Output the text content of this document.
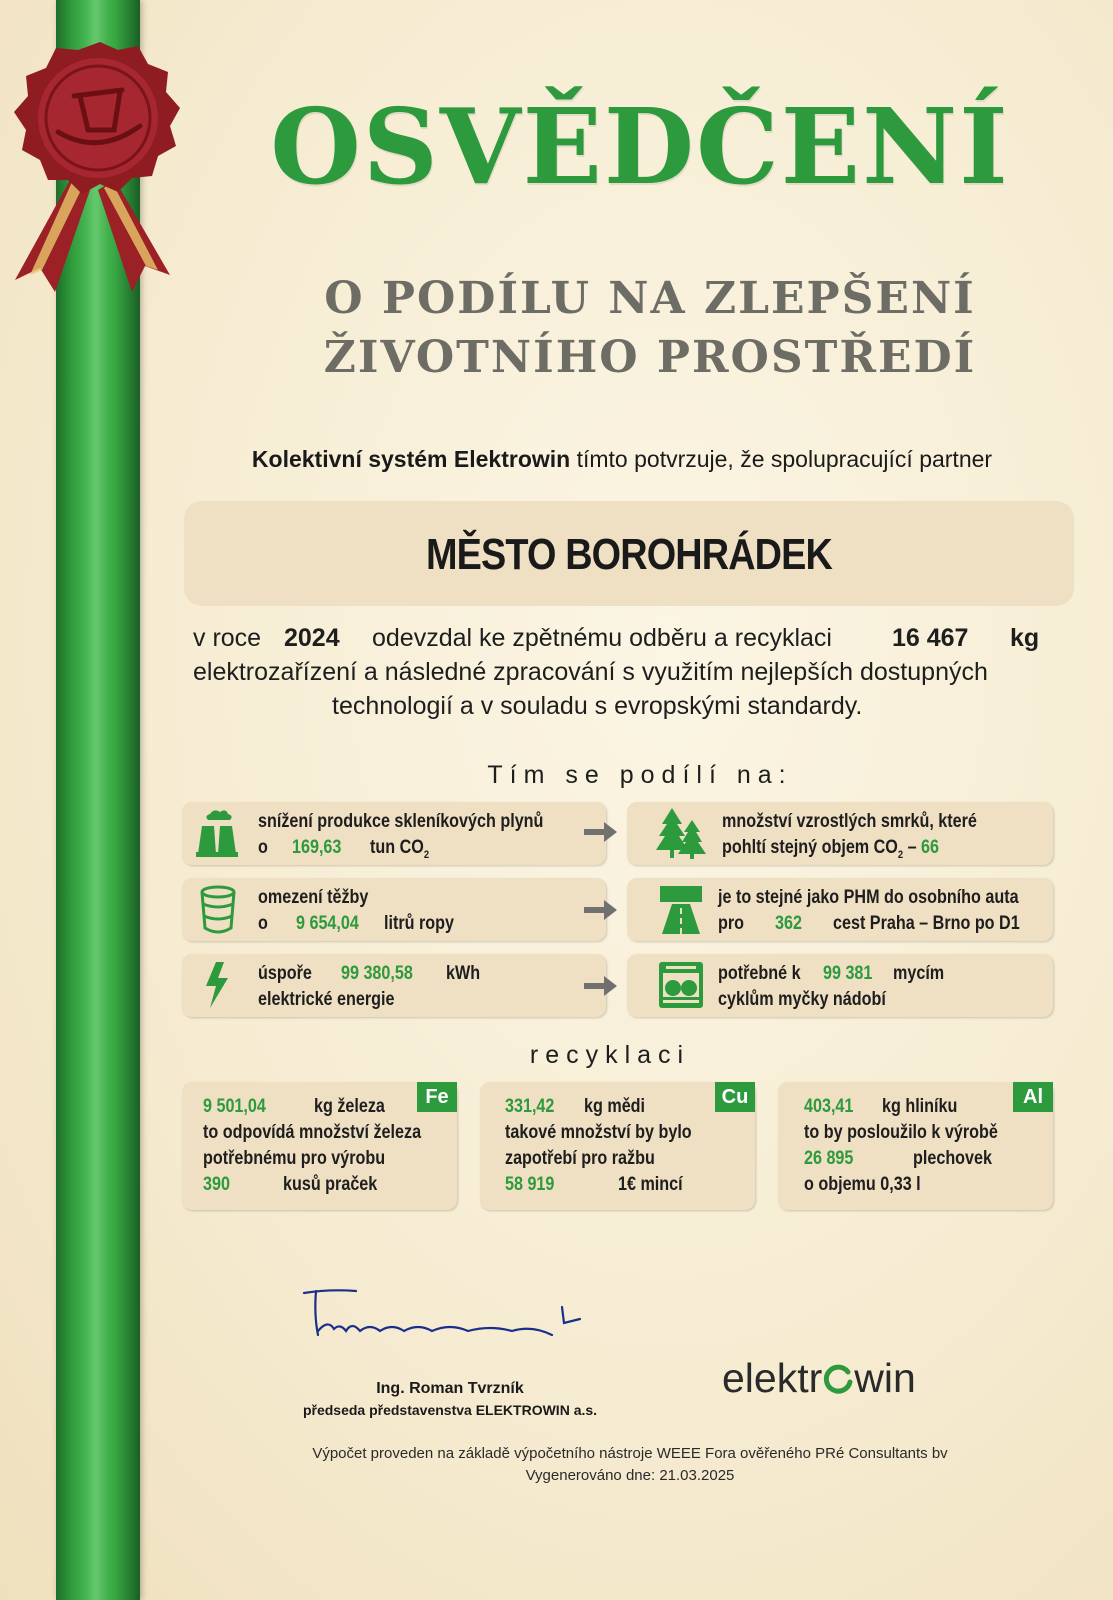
OSVĚDČENÍ
O PODÍLU NA ZLEPŠENÍ
ŽIVOTNÍHO PROSTŘEDÍ
Kolektivní systém Elektrowin tímto potvrzuje, že spolupracující partner
MĚSTO BOROHRÁDEK
v roce 2024 odevzdal ke zpětnému odběru a recyklaci 16 467 kg
elektrozařízení a následné zpracování s využitím nejlepších dostupných
technologií a v souladu s evropskými standardy.
Tím se podílí na:
snížení produkce skleníkových plynů
o 169,63 tun $CO_2$
množství vzrostlých smrků, které
pohltí stejný objem $CO_2 - 66$
omezení těžby
o 9 654,04 litrů ropy
je to stejné jako PHM do osobního auta
pro 362 cest Praha – Brno po D1
úspoře 99 380,58 kWh
elektrické energie
potřebné k 99 381 mycím
cyklům myčky nádobí
recyklaci
Fe
9 501,04	kg železa
to odpovídá množství železa
potřebnému pro výrobu
390	kusů praček
Cu
331,42 kg mědi
takové množství by bylo
zapotřebí pro ražbu
58 919	1€ mincí
Al
403,41 kg hliníku
to by posloužilo k výrobě
26 895	plechovek
o objemu 0,33 l
Ing. Roman Tvrzník
předseda představenstva ELEKTROWIN a.s.
elektr win
Výpočet proveden na základě výpočetního nástroje WEEE Fora ověřeného PRé Consultants bv
Vygenerováno dne: 21.03.2025
